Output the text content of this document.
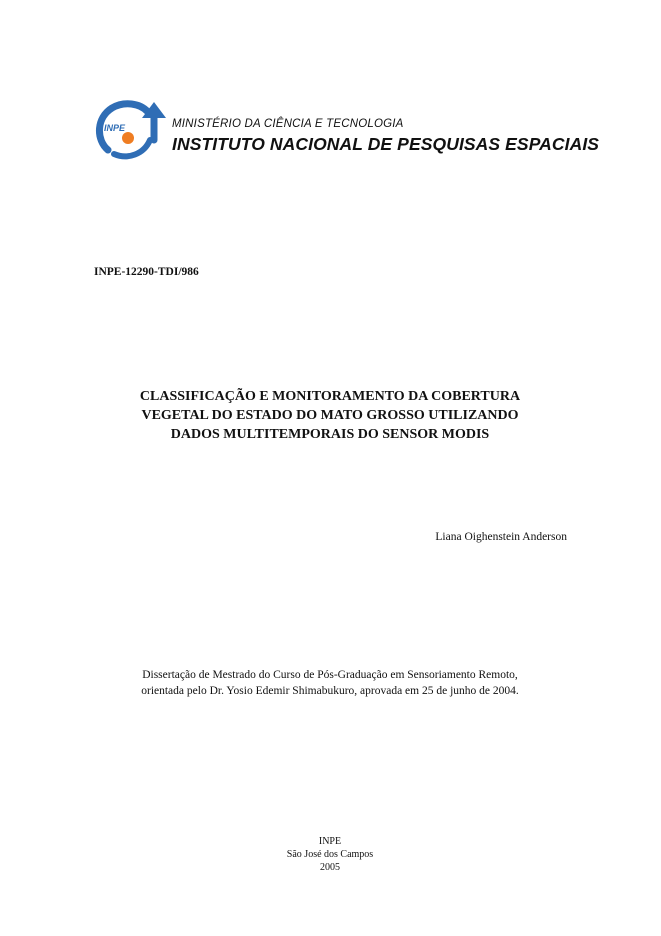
INPE	MINISTÉRIO DA CIÊNCIA E TECNOLOGIA
INSTITUTO NACIONAL DE PESQUISAS ESPACIAIS
INPE-12290-TDI/986
CLASSIFICAÇÃO E MONITORAMENTO DA COBERTURA
VEGETAL DO ESTADO DO MATO GROSSO UTILIZANDO
DADOS MULTITEMPORAIS DO SENSOR MODIS
Liana Oighenstein Anderson
Dissertação de Mestrado do Curso de Pós-Graduação em Sensoriamento Remoto,
orientada pelo Dr. Yosio Edemir Shimabukuro, aprovada em 25 de junho de 2004.
INPE
São José dos Campos
2005
